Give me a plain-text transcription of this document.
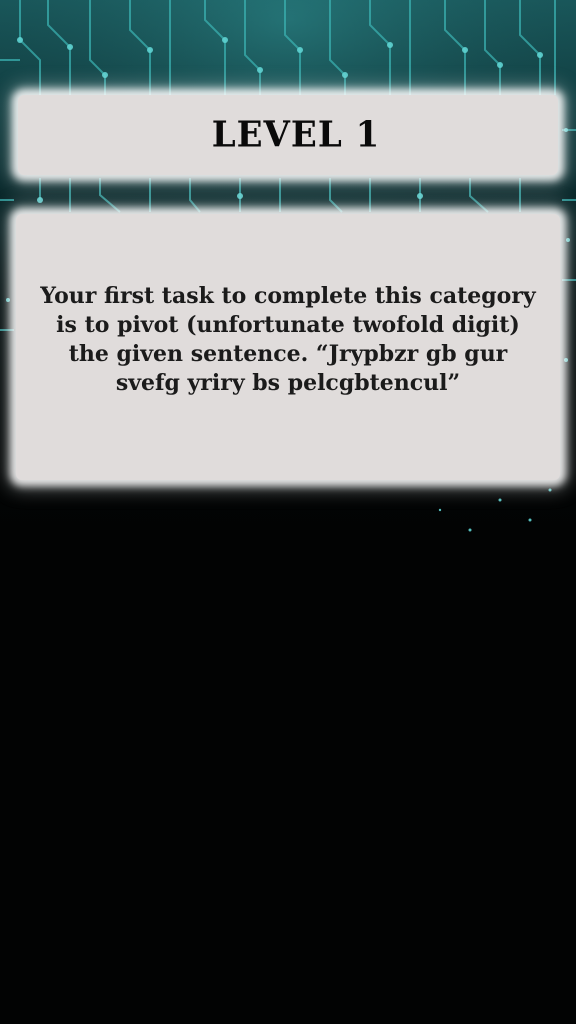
LEVEL 1
Your first task to complete this category is to pivot (unfortunate twofold digit) the given sentence. “Jrypbzr gb gur svefg yriry bs pelcgbtencul”
